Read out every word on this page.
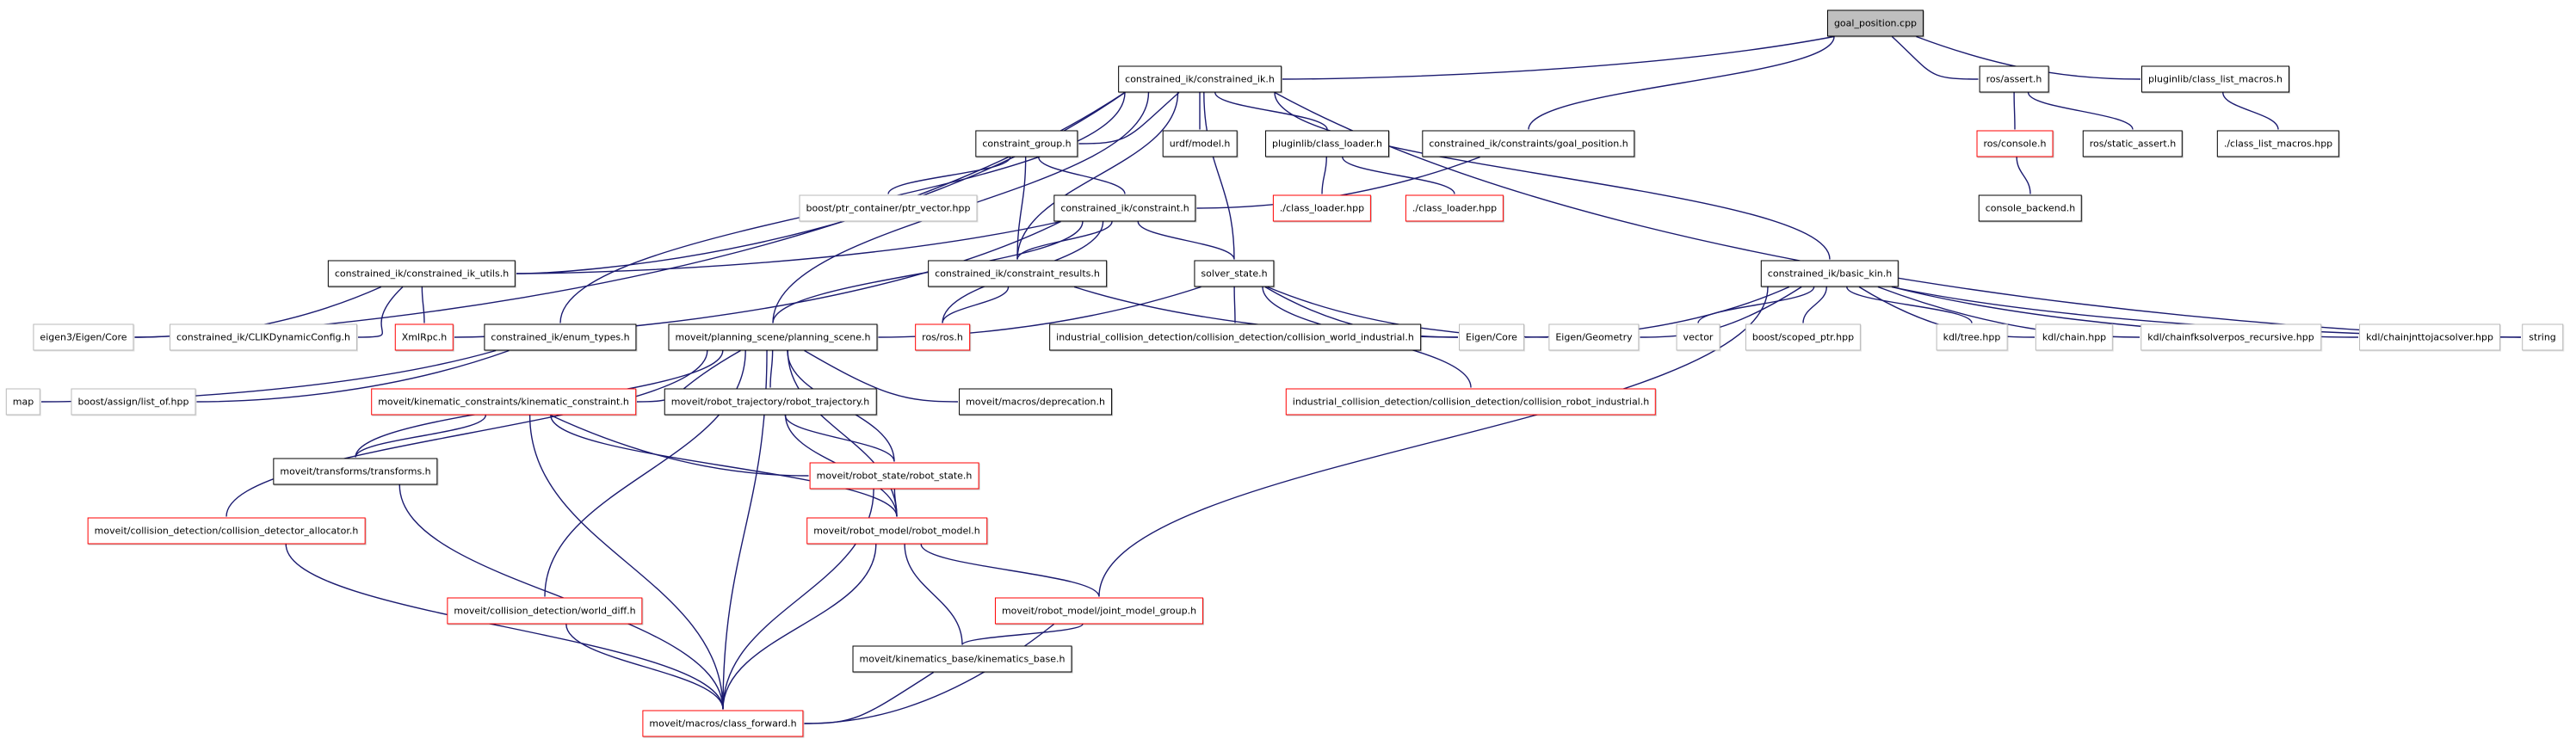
goal_position.cpp
constrained_ik/constrained_ik.h	ros/assert.h	pluginlib/class_list_macros.h
constraint_group.h	urdf/model.h	pluginlib/class_loader.h	constrained_ik/constraints/goal_position.h	ros/console.h	ros/static_assert.h	./class_list_macros.hpp
boost/ptr_container/ptr_vector.hpp	constrained_ik/constraint.h	./class_loader.hpp	./class_loader.hpp	console_backend.h
constrained_ik/constrained_ik_utils.h	constrained_ik/constraint_results.h	solver_state.h	constrained_ik/basic_kin.h
eigen3/Eigen/Core	constrained_ik/CLIKDynamicConfig.h	XmlRpc.h	constrained_ik/enum_types.h	moveit/planning_scene/planning_scene.h	ros/ros.h	industrial_collision_detection/collision_detection/collision_world_industrial.h	Eigen/Core	Eigen/Geometry	vector	boost/scoped_ptr.hpp	kdl/tree.hpp	kdl/chain.hpp	kdl/chainfksolverpos_recursive.hpp	kdl/chainjnttojacsolver.hpp	string
map	boost/assign/list_of.hpp	moveit/kinematic_constraints/kinematic_constraint.h	moveit/robot_trajectory/robot_trajectory.h	moveit/macros/deprecation.h	industrial_collision_detection/collision_detection/collision_robot_industrial.h
moveit/transforms/transforms.h	moveit/robot_state/robot_state.h
moveit/collision_detection/collision_detector_allocator.h	moveit/robot_model/robot_model.h
moveit/collision_detection/world_diff.h	moveit/robot_model/joint_model_group.h
moveit/kinematics_base/kinematics_base.h
moveit/macros/class_forward.h
